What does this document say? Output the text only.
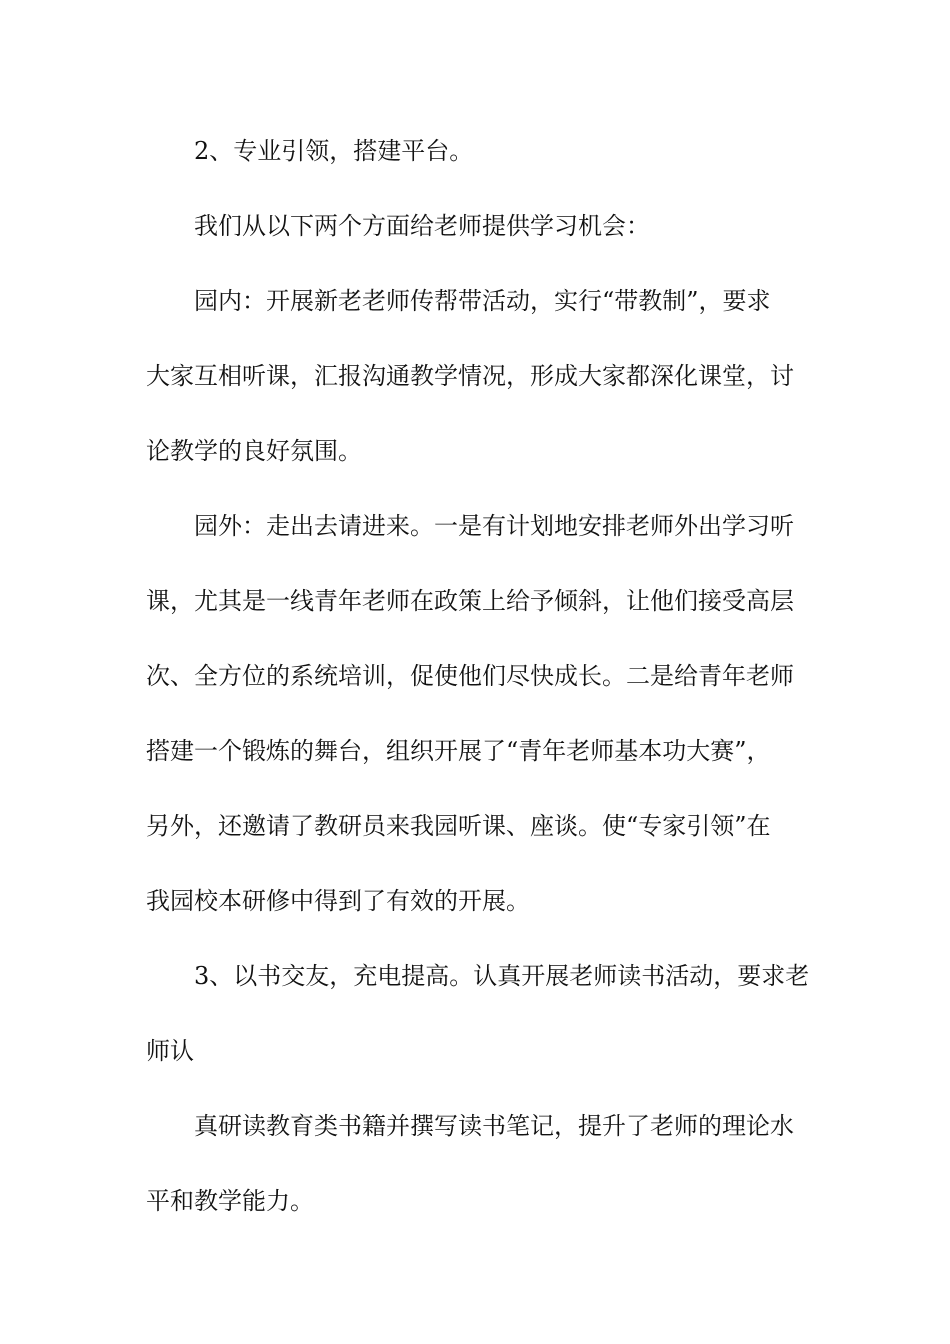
2、专业引领，搭建平台。

我们从以下两个方面给老师提供学习机会：

园内：开展新老老师传帮带活动，实行“带教制”，要求

大家互相听课，汇报沟通教学情况，形成大家都深化课堂，讨

论教学的良好氛围。

园外：走出去请进来。一是有计划地安排老师外出学习听

课，尤其是一线青年老师在政策上给予倾斜，让他们接受高层

次、全方位的系统培训，促使他们尽快成长。二是给青年老师

搭建一个锻炼的舞台，组织开展了“青年老师基本功大赛”，

另外，还邀请了教研员来我园听课、座谈。使“专家引领”在

我园校本研修中得到了有效的开展。

3、以书交友，充电提高。认真开展老师读书活动，要求老

师认

真研读教育类书籍并撰写读书笔记，提升了老师的理论水

平和教学能力。
